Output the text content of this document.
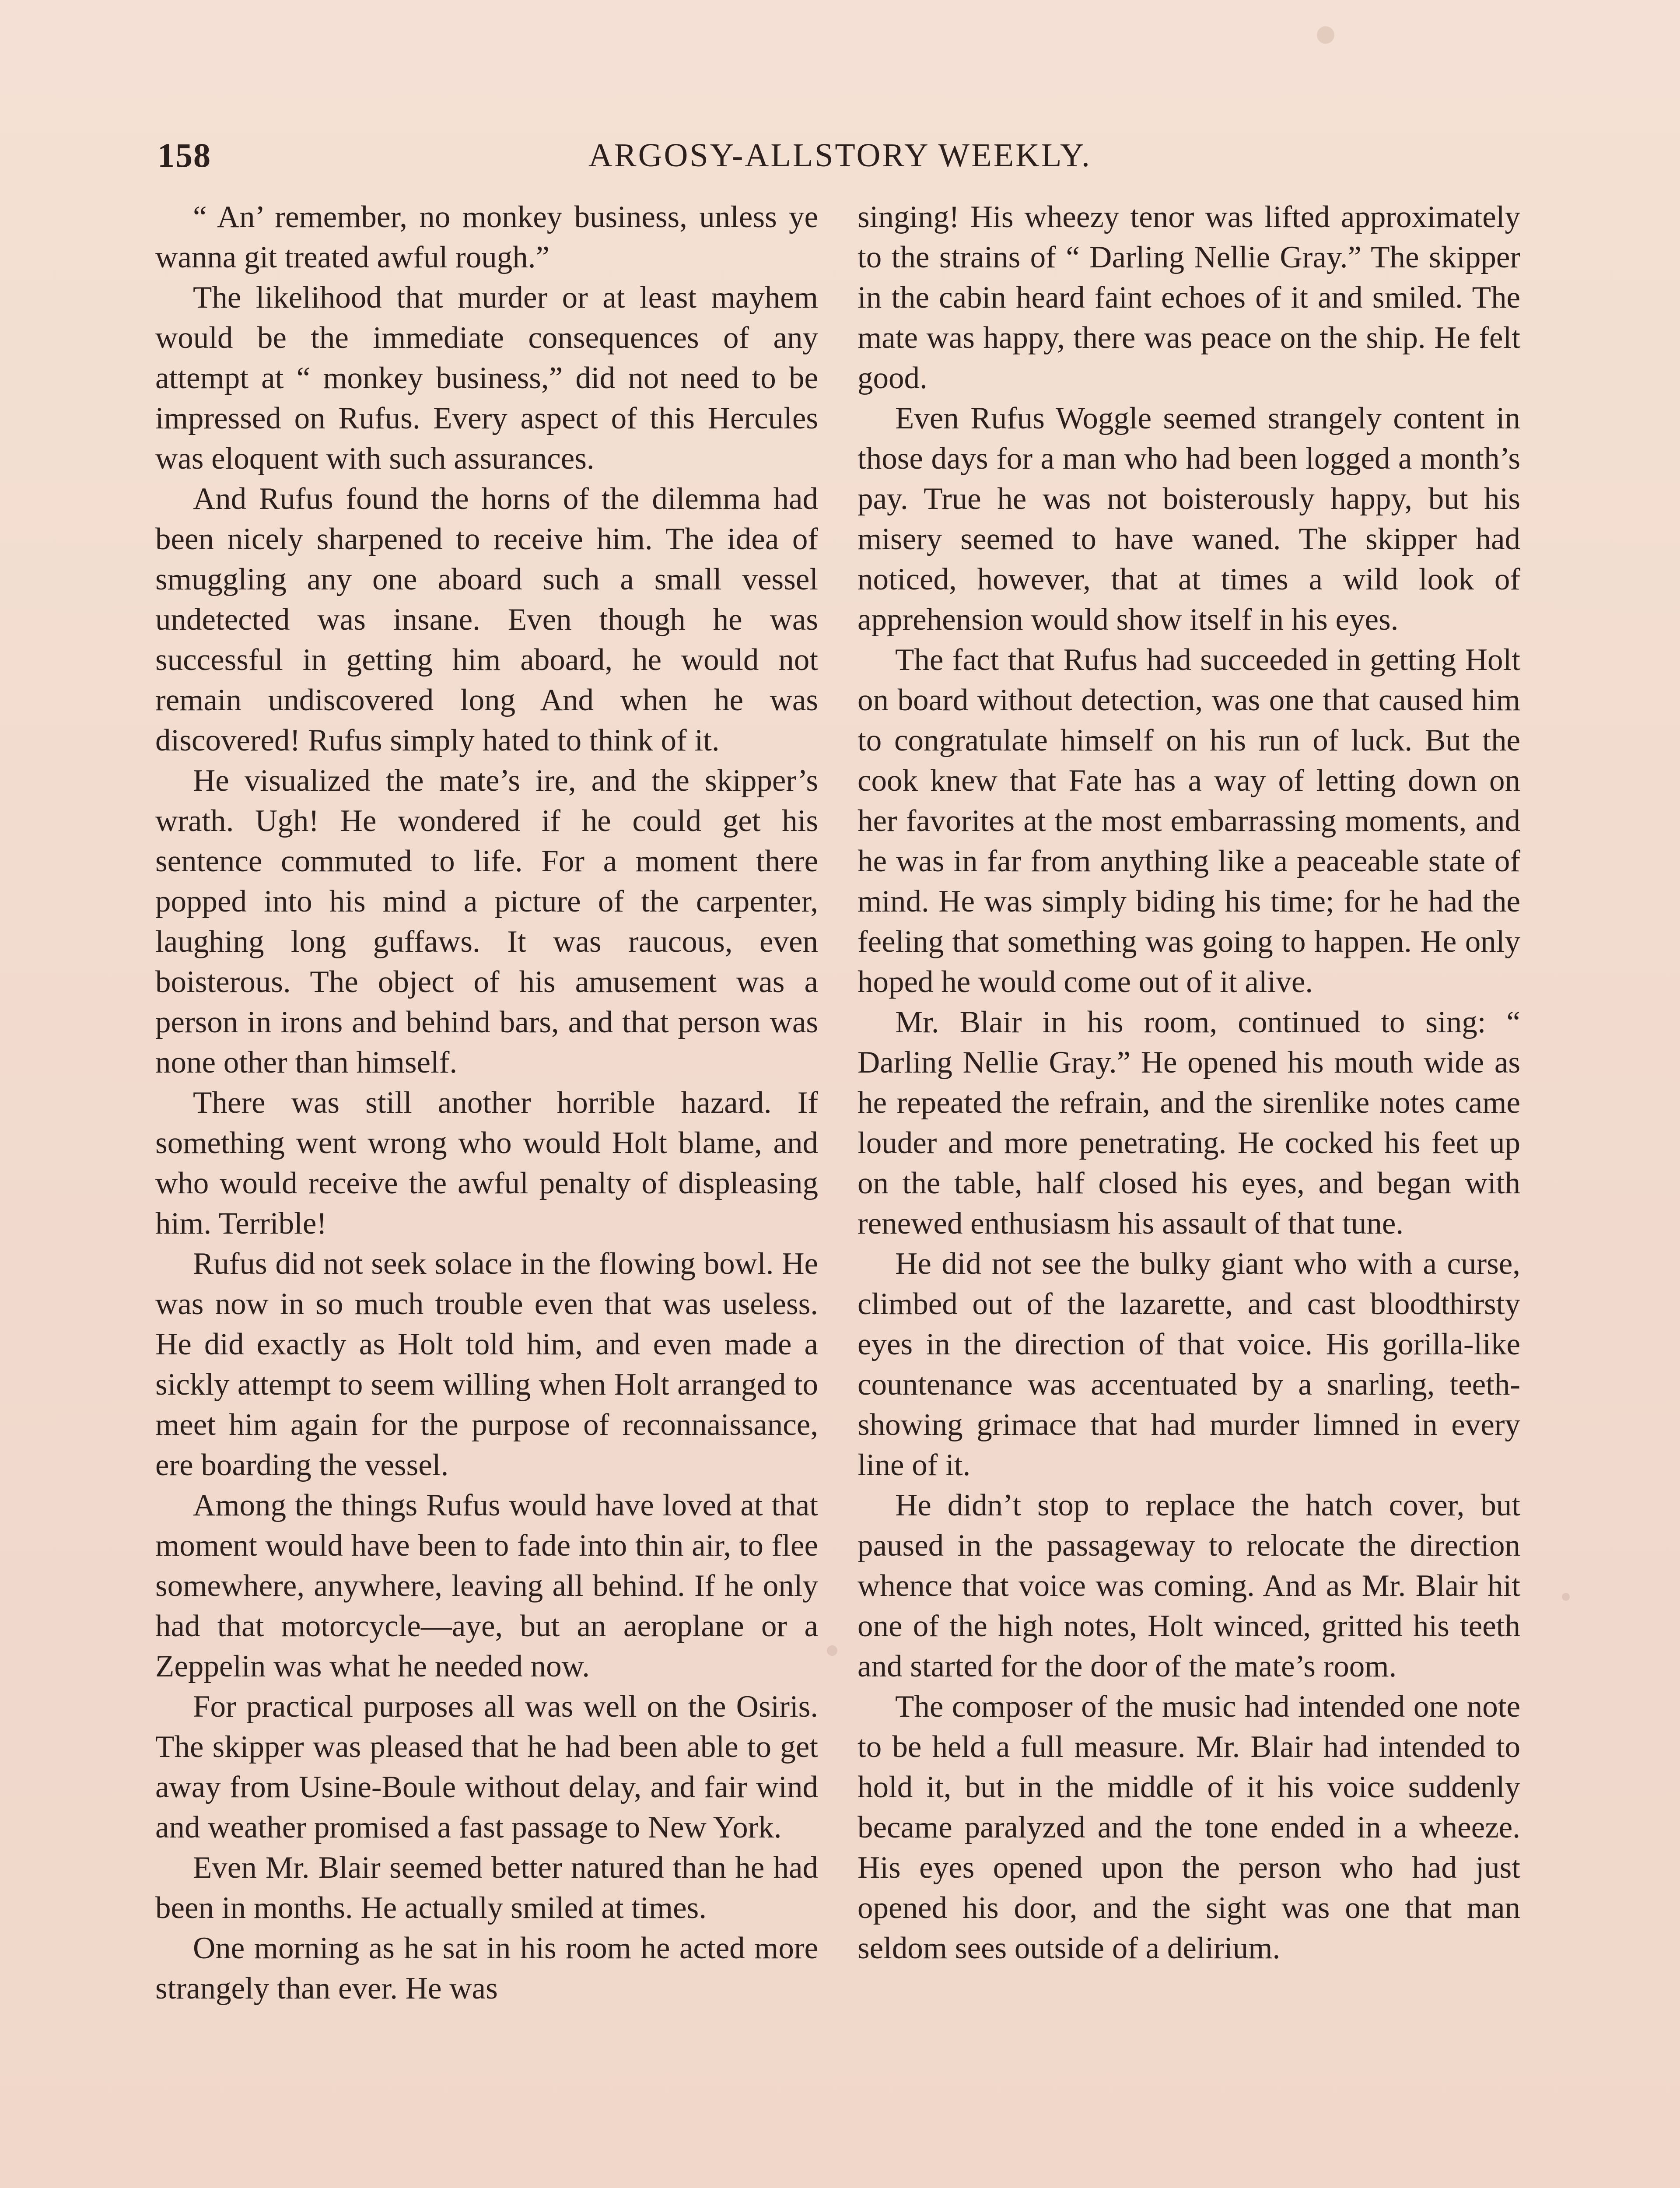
158	ARGOSY-ALLSTORY WEEKLY.

“ An’ remember, no monkey business, unless ye wanna git treated awful rough.”

The likelihood that murder or at least mayhem would be the immediate consequences of any attempt at “ monkey business,” did not need to be impressed on Rufus. Every aspect of this Hercules was eloquent with such assurances.

And Rufus found the horns of the dilemma had been nicely sharpened to receive him. The idea of smuggling any one aboard such a small vessel undetected was insane. Even though he was successful in getting him aboard, he would not remain undiscovered long And when he was discovered! Rufus simply hated to think of it.

He visualized the mate’s ire, and the skipper’s wrath. Ugh! He wondered if he could get his sentence commuted to life. For a moment there popped into his mind a picture of the carpenter, laughing long guffaws. It was raucous, even boisterous. The object of his amusement was a person in irons and behind bars, and that person was none other than himself.

There was still another horrible hazard. If something went wrong who would Holt blame, and who would receive the awful penalty of displeasing him. Terrible!

Rufus did not seek solace in the flowing bowl. He was now in so much trouble even that was useless. He did exactly as Holt told him, and even made a sickly attempt to seem willing when Holt arranged to meet him again for the purpose of reconnaissance, ere boarding the vessel.

Among the things Rufus would have loved at that moment would have been to fade into thin air, to flee somewhere, anywhere, leaving all behind. If he only had that motorcycle—aye, but an aeroplane or a Zeppelin was what he needed now.

For practical purposes all was well on the Osiris. The skipper was pleased that he had been able to get away from Usine-Boule without delay, and fair wind and weather promised a fast passage to New York.

Even Mr. Blair seemed better natured than he had been in months. He actually smiled at times.

One morning as he sat in his room he acted more strangely than ever. He was

singing! His wheezy tenor was lifted approximately to the strains of “ Darling Nellie Gray.” The skipper in the cabin heard faint echoes of it and smiled. The mate was happy, there was peace on the ship. He felt good.

Even Rufus Woggle seemed strangely content in those days for a man who had been logged a month’s pay. True he was not boisterously happy, but his misery seemed to have waned. The skipper had noticed, however, that at times a wild look of apprehension would show itself in his eyes.

The fact that Rufus had succeeded in getting Holt on board without detection, was one that caused him to congratulate himself on his run of luck. But the cook knew that Fate has a way of letting down on her favorites at the most embarrassing moments, and he was in far from anything like a peaceable state of mind. He was simply biding his time; for he had the feeling that something was going to happen. He only hoped he would come out of it alive.

Mr. Blair in his room, continued to sing: “ Darling Nellie Gray.” He opened his mouth wide as he repeated the refrain, and the sirenlike notes came louder and more penetrating. He cocked his feet up on the table, half closed his eyes, and began with renewed enthusiasm his assault of that tune.

He did not see the bulky giant who with a curse, climbed out of the lazarette, and cast bloodthirsty eyes in the direction of that voice. His gorilla-like countenance was accentuated by a snarling, teeth-showing grimace that had murder limned in every line of it.

He didn’t stop to replace the hatch cover, but paused in the passageway to relocate the direction whence that voice was coming. And as Mr. Blair hit one of the high notes, Holt winced, gritted his teeth and started for the door of the mate’s room.

The composer of the music had intended one note to be held a full measure. Mr. Blair had intended to hold it, but in the middle of it his voice suddenly became paralyzed and the tone ended in a wheeze. His eyes opened upon the person who had just opened his door, and the sight was one that man seldom sees outside of a delirium.
